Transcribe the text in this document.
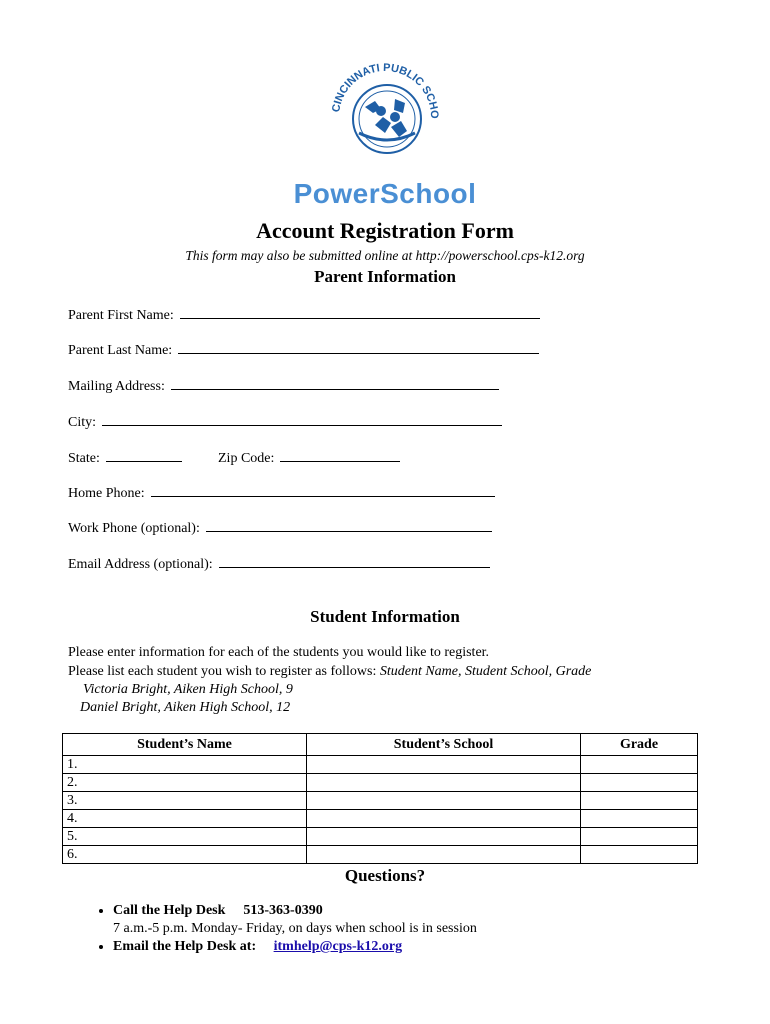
CINCINNATI PUBLIC SCHO
PowerSchool
Account Registration Form
This form may also be submitted online at http://powerschool.cps-k12.org
Parent Information
Parent First Name:
Parent Last Name:
Mailing Address:
City:
State:	Zip Code:
Home Phone:
Work Phone (optional):
Email Address (optional):
Student Information
Please enter information for each of the students you would like to register.
Please list each student you wish to register as follows: Student Name, Student School, Grade
Victoria Bright, Aiken High School, 9
Daniel Bright, Aiken High School, 12
Student’s Name	Student’s School	Grade
1.		
2.		
3.		
4.		
5.		
6.		
Questions?
• Call the Help Desk 513-363-0390
7 a.m.-5 p.m. Monday- Friday, on days when school is in session
• Email the Help Desk at: itmhelp@cps-k12.org
